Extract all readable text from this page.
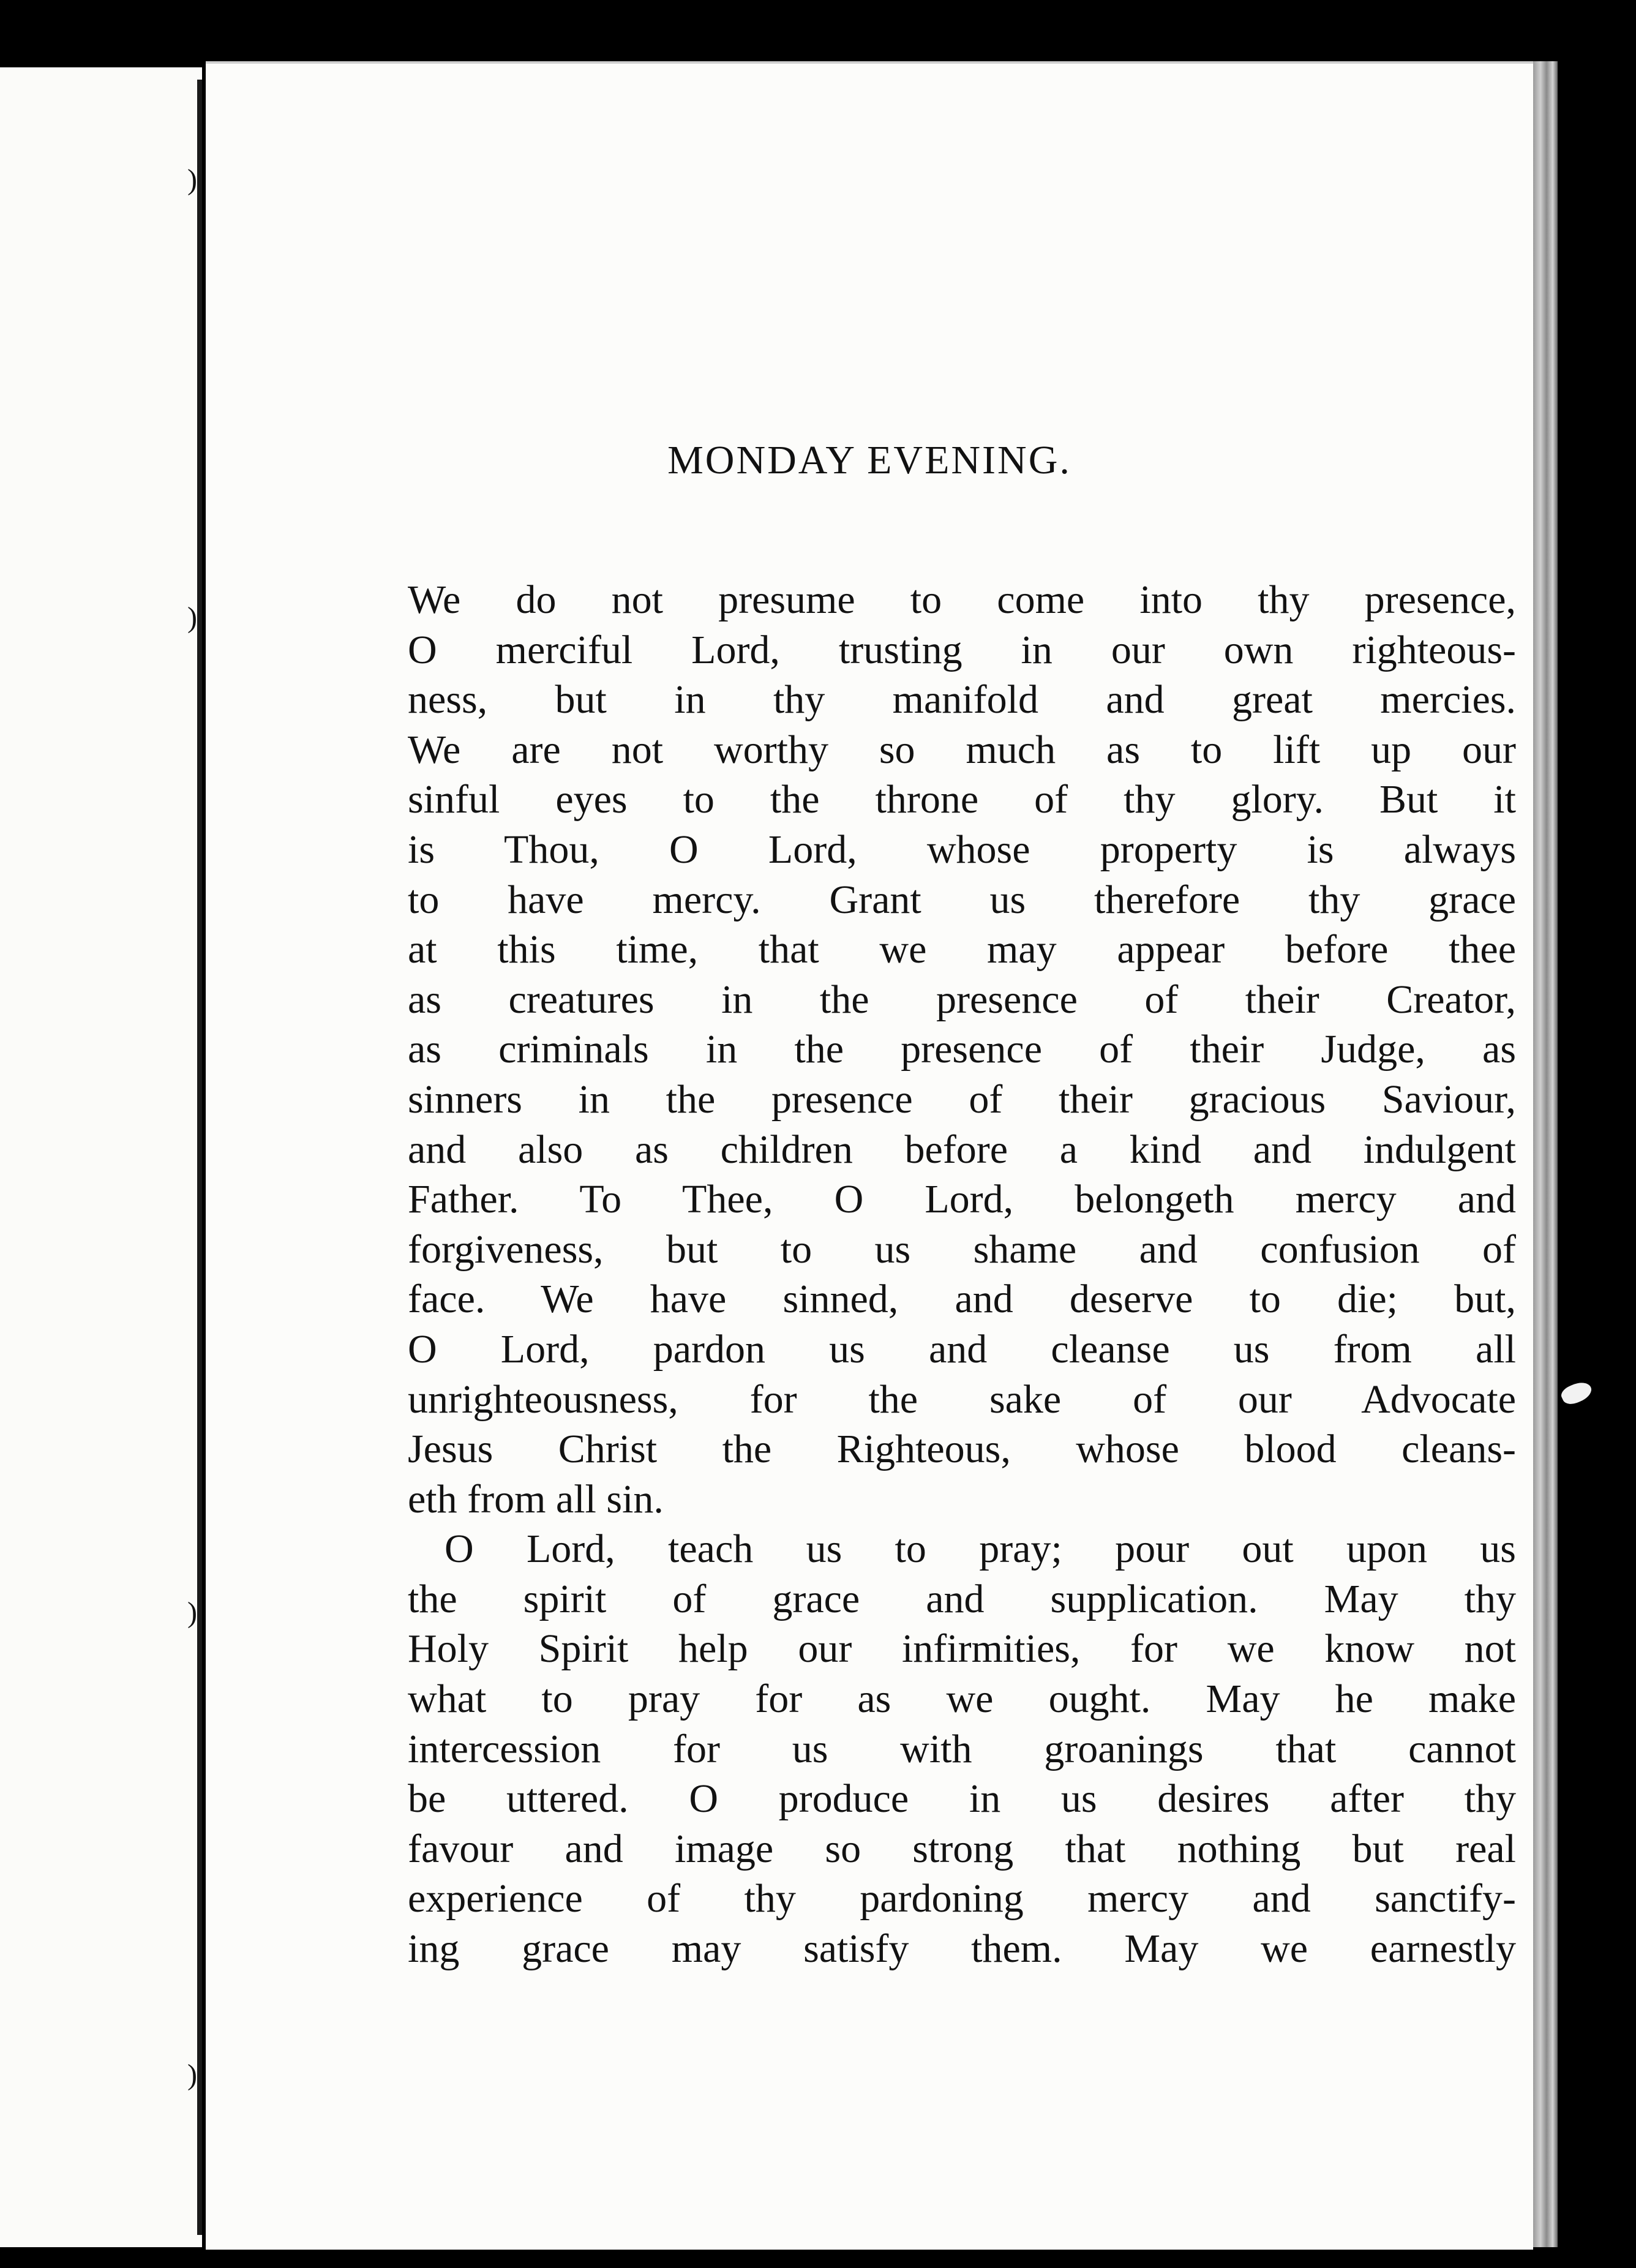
)
)
)
)
MONDAY EVENING.
We do not presume to come into thy presence,
O merciful Lord, trusting in our own righteous-
ness, but in thy manifold and great mercies.
We are not worthy so much as to lift up our
sinful eyes to the throne of thy glory. But it
is Thou, O Lord, whose property is always
to have mercy. Grant us therefore thy grace
at this time, that we may appear before thee
as creatures in the presence of their Creator,
as criminals in the presence of their Judge, as
sinners in the presence of their gracious Saviour,
and also as children before a kind and indulgent
Father. To Thee, O Lord, belongeth mercy and
forgiveness, but to us shame and confusion of
face. We have sinned, and deserve to die; but,
O Lord, pardon us and cleanse us from all
unrighteousness, for the sake of our Advocate
Jesus Christ the Righteous, whose blood cleans-
eth from all sin.
O Lord, teach us to pray; pour out upon us
the spirit of grace and supplication. May thy
Holy Spirit help our infirmities, for we know not
what to pray for as we ought. May he make
intercession for us with groanings that cannot
be uttered. O produce in us desires after thy
favour and image so strong that nothing but real
experience of thy pardoning mercy and sanctify-
ing grace may satisfy them. May we earnestly
